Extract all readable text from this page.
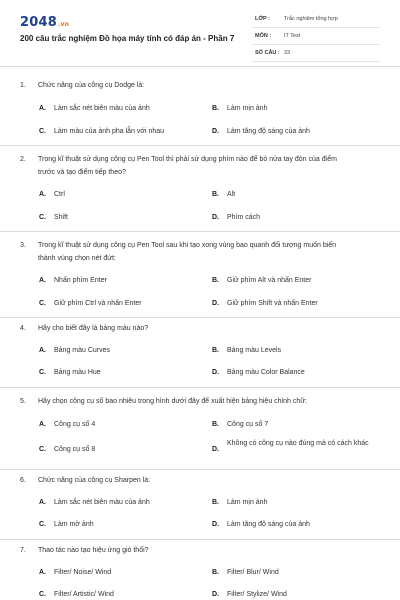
2048.vn
200 câu trắc nghiệm Đồ họa máy tính có đáp án - Phần 7
LỚP :	Trắc nghiệm tổng hợp
MÔN : IT Test
SỐ CÂU : 33
1. Chức năng của công cụ Dodge là:
A. Làm sắc nét biên màu của ảnh	B. Làm mịn ảnh
C. Làm màu của ảnh pha lẫn với nhau	D. Làm tăng độ sáng của ảnh
2. Trong kĩ thuật sử dụng công cụ Pen Tool thì phải sử dụng phím nào để bỏ nửa tay đòn của điểm
trước và tạo điểm tiếp theo?
A. Ctrl	B. Alt
C. Shift	D. Phím cách
3. Trong kĩ thuật sử dụng công cụ Pen Tool sau khi tạo xong vùng bao quanh đối tượng muốn biến
thành vùng chọn nét đứt:
A. Nhấn phím Enter	B. Giữ phím Alt và nhấn Enter
C. Giữ phím Ctrl và nhấn Enter	D. Giữ phím Shift và nhấn Enter
4. Hãy cho biết đây là bảng màu nào?
A. Bảng màu Curves	B. Bảng màu Levels
C. Bảng màu Hue	D. Bảng màu Color Balance
5. Hãy chọn công cụ số bao nhiêu trong hình dưới đây để xuất hiện bảng hiệu chỉnh chữ:
A. Công cụ số 4	B. Công cụ số 7
C. Công cụ số 8	D.
Không có công cụ nào đúng mà có cách khác
6. Chức năng của công cụ Sharpen là:
A. Làm sắc nét biên màu của ảnh	B. Làm mịn ảnh
C. Làm mờ ảnh	D. Làm tăng độ sáng của ảnh
7. Thao tác nào tạo hiệu ứng gió thổi?
A. Filter/ Noise/ Wind	B. Filter/ Blur/ Wind
C. Filter/ Artistic/ Wind	D. Filter/ Stylize/ Wind
